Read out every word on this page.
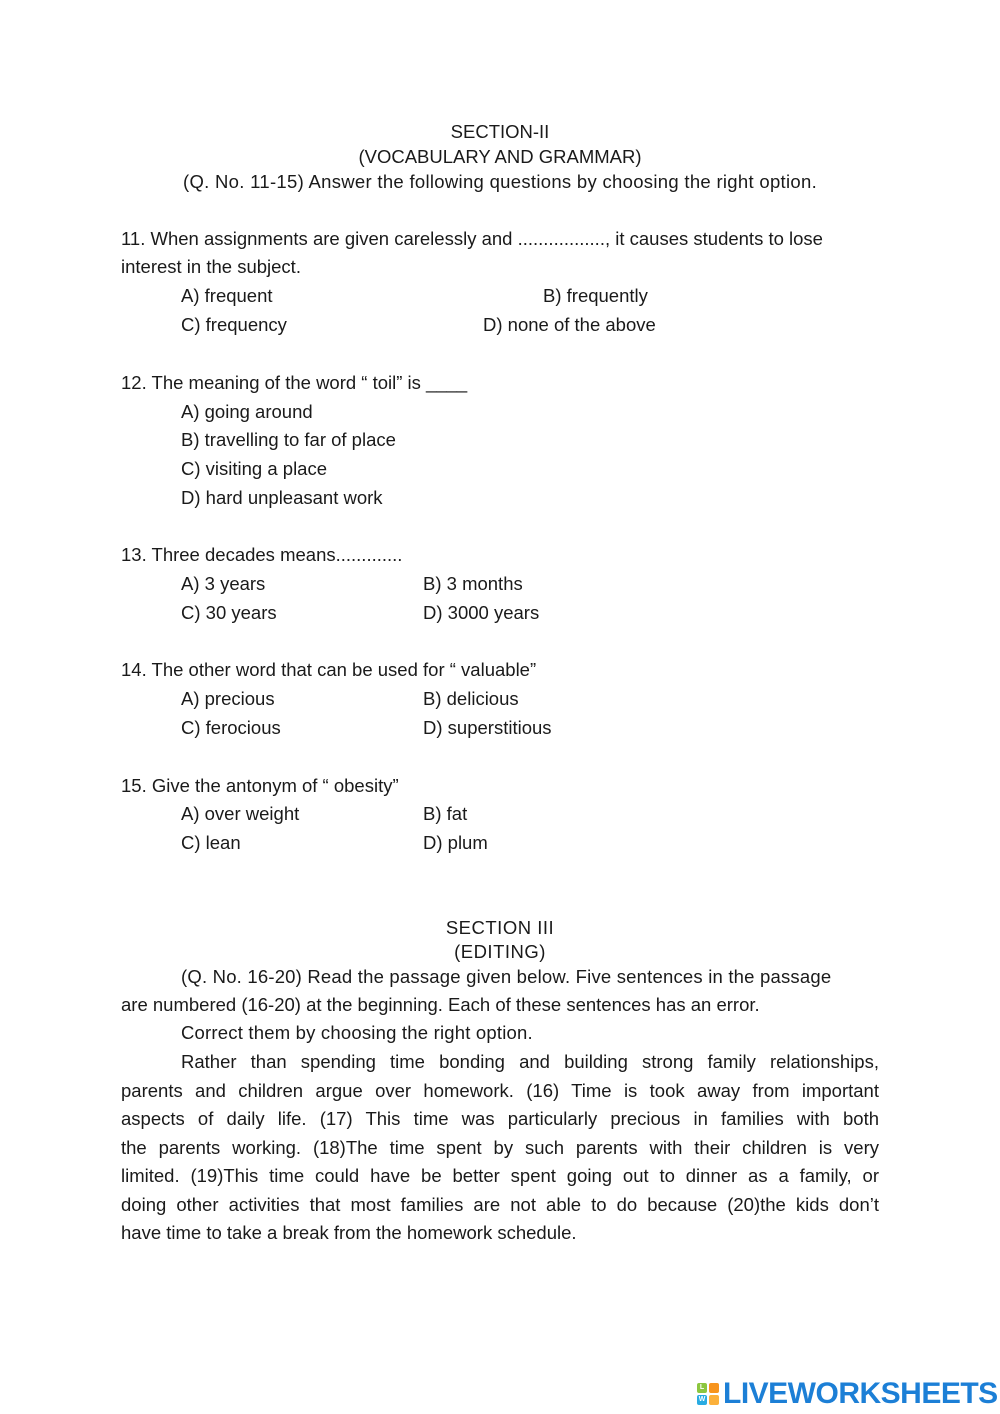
SECTION-II
(VOCABULARY AND GRAMMAR)
(Q. No. 11-15) Answer the following questions by choosing the right option.
11. When assignments are given carelessly and ................., it causes students to lose
interest in the subject.
A) frequent	B) frequently
C) frequency	D) none of the above
12. The meaning of the word “ toil” is ____
A) going around
B) travelling to far of place
C) visiting a place
D) hard unpleasant work
13. Three decades means.............
A) 3 years	B) 3 months
C) 30 years	D) 3000 years
14. The other word that can be used for “ valuable”
A) precious	B) delicious
C) ferocious	D) superstitious
15. Give the antonym of “ obesity”
A) over weight	B) fat
C) lean	D) plum
SECTION III
(EDITING)
(Q. No. 16-20) Read the passage given below. Five sentences in the passage
are numbered (16-20) at the beginning. Each of these sentences has an error.
Correct them by choosing the right option.
Rather than spending time bonding and building strong family relationships,
parents and children argue over homework. (16) Time is took away from important
aspects of daily life. (17) This time was particularly precious in families with both
the parents working. (18)The time spent by such parents with their children is very
limited. (19)This time could have be better spent going out to dinner as a family, or
doing other activities that most families are not able to do because (20)the kids don’t
have time to take a break from the homework schedule.
L
W LIVEWORKSHEETS
